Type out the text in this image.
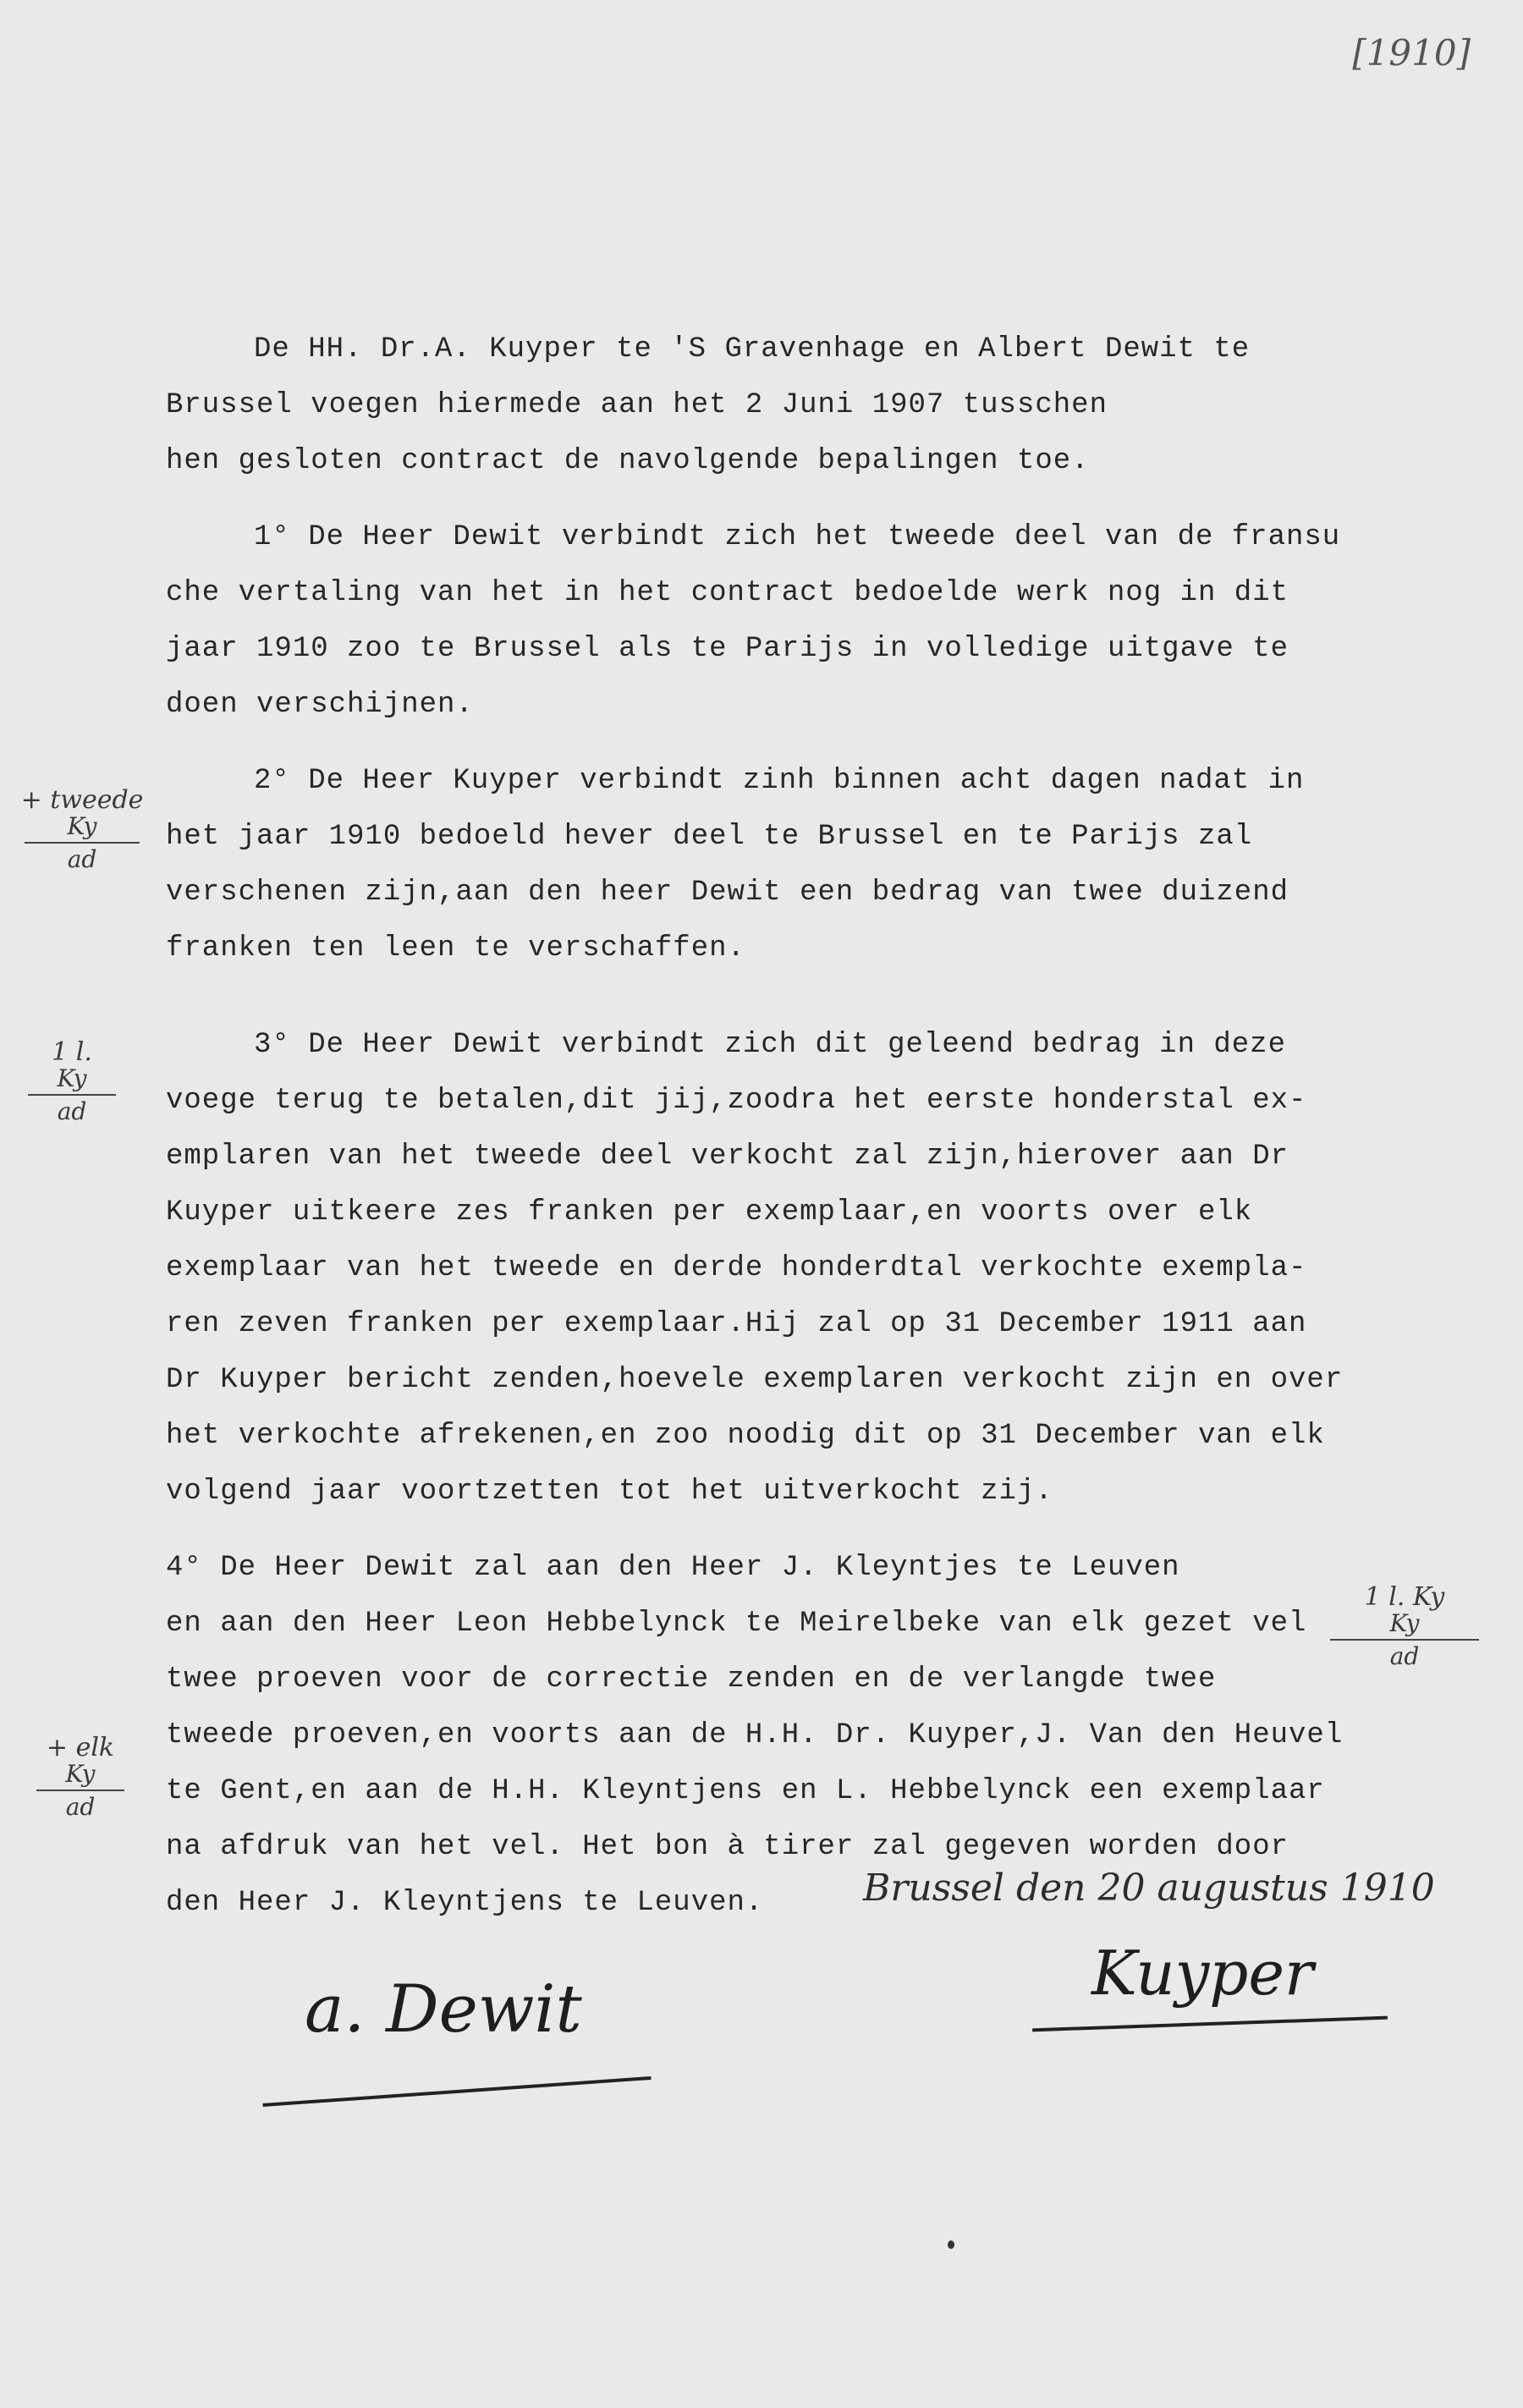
[1910]
De HH. Dr.A. Kuyper te 'S Gravenhage en Albert Dewit te
Brussel voegen hiermede aan het 2 Juni 1907 tusschen
hen gesloten contract de navolgende bepalingen toe.
1° De Heer Dewit verbindt zich het tweede deel van de fransu
che vertaling van het in het contract bedoelde werk nog in dit
jaar 1910 zoo te Brussel als te Parijs in volledige uitgave te
doen verschijnen.
2° De Heer Kuyper verbindt zinh binnen acht dagen nadat in
het jaar 1910 bedoeld hever deel te Brussel en te Parijs zal
verschenen zijn,aan den heer Dewit een bedrag van twee duizend
franken ten leen te verschaffen.
3° De Heer Dewit verbindt zich dit geleend bedrag in deze
voege terug te betalen,dit jij,zoodra het eerste honderstal ex-
emplaren van het tweede deel verkocht zal zijn,hierover aan Dr
Kuyper uitkeere zes franken per exemplaar,en voorts over elk
exemplaar van het tweede en derde honderdtal verkochte exempla-
ren zeven franken per exemplaar.Hij zal op 31 December 1911 aan
Dr Kuyper bericht zenden,hoevele exemplaren verkocht zijn en over
het verkochte afrekenen,en zoo noodig dit op 31 December van elk
volgend jaar voortzetten tot het uitverkocht zij.
4° De Heer Dewit zal aan den Heer J. Kleyntjes te Leuven
en aan den Heer Leon Hebbelynck te Meirelbeke van elk gezet vel
twee proeven voor de correctie zenden en de verlangde twee
tweede proeven,en voorts aan de H.H. Dr. Kuyper,J. Van den Heuvel
te Gent,en aan de H.H. Kleyntjens en L. Hebbelynck een exemplaar
na afdruk van het vel. Het bon à tirer zal gegeven worden door
den Heer J. Kleyntjens te Leuven.
+ tweede
Ky
ad
1 l.
Ky
ad
1 l. Ky
Ky
ad
+ elk
Ky
ad
Brussel den 20 augustus 1910
a. Dewit	Kuyper
